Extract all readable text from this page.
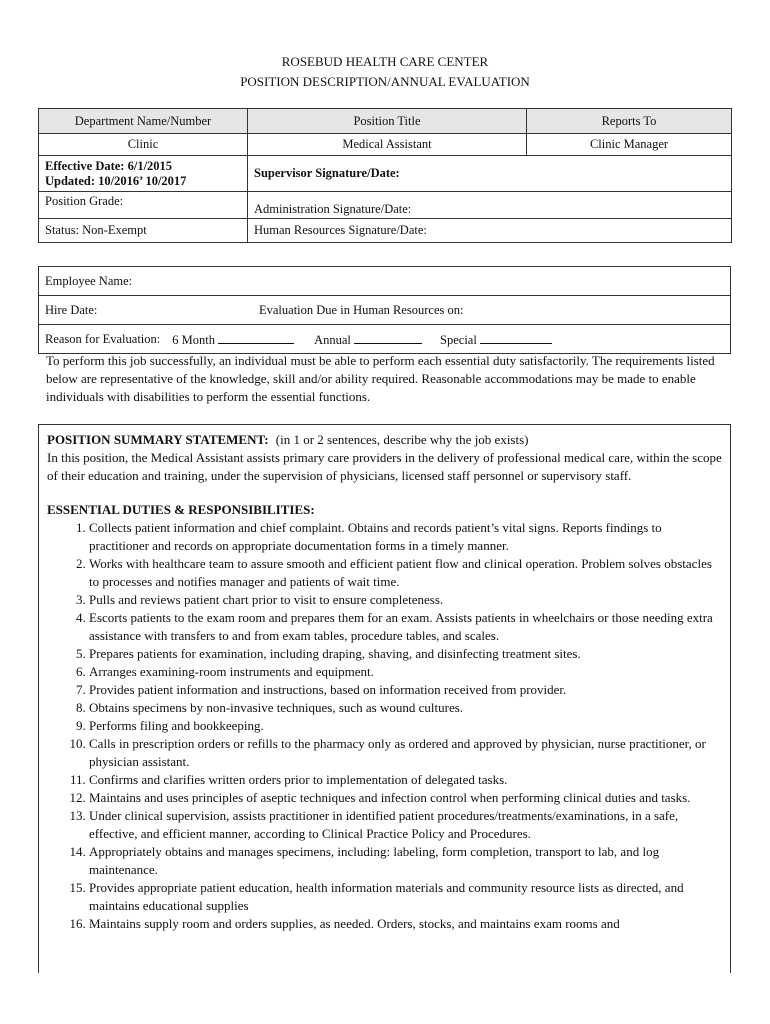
ROSEBUD HEALTH CARE CENTER
POSITION DESCRIPTION/ANNUAL EVALUATION
Department Name/Number	Position Title	Reports To
Clinic	Medical Assistant	Clinic Manager

Effective Date: 6/1/2015
Updated: 10/2016’ 10/2017	Supervisor Signature/Date:	
Position Grade:	Administration Signature/Date:	
Status: Non-Exempt	Human Resources Signature/Date:	
Employee Name:
Hire Date:	Evaluation Due in Human Resources on:
Reason for Evaluation: 6 Month	Annual	Special
To perform this job successfully, an individual must be able to perform each essential duty satisfactorily. The requirements listed below are representative of the knowledge, skill and/or ability required. Reasonable accommodations may be made to enable individuals with disabilities to perform the essential functions.
POSITION SUMMARY STATEMENT: (in 1 or 2 sentences, describe why the job exists)
In this position, the Medical Assistant assists primary care providers in the delivery of professional medical care, within the scope of their education and training, under the supervision of physicians, licensed staff personnel or supervisory staff.
ESSENTIAL DUTIES & RESPONSIBILITIES:
1. Collects patient information and chief complaint. Obtains and records patient’s vital signs. Reports findings to practitioner and records on appropriate documentation forms in a timely manner.
2. Works with healthcare team to assure smooth and efficient patient flow and clinical operation. Problem solves obstacles to processes and notifies manager and patients of wait time.
3. Pulls and reviews patient chart prior to visit to ensure completeness.
4. Escorts patients to the exam room and prepares them for an exam. Assists patients in wheelchairs or those needing extra assistance with transfers to and from exam tables, procedure tables, and scales.
5. Prepares patients for examination, including draping, shaving, and disinfecting treatment sites.
6. Arranges examining-room instruments and equipment.
7. Provides patient information and instructions, based on information received from provider.
8. Obtains specimens by non-invasive techniques, such as wound cultures.
9. Performs filing and bookkeeping.
10. Calls in prescription orders or refills to the pharmacy only as ordered and approved by physician, nurse practitioner, or physician assistant.
11. Confirms and clarifies written orders prior to implementation of delegated tasks.
12. Maintains and uses principles of aseptic techniques and infection control when performing clinical duties and tasks.
13. Under clinical supervision, assists practitioner in identified patient procedures/treatments/examinations, in a safe, effective, and efficient manner, according to Clinical Practice Policy and Procedures.
14. Appropriately obtains and manages specimens, including: labeling, form completion, transport to lab, and log maintenance.
15. Provides appropriate patient education, health information materials and community resource lists as directed, and maintains educational supplies
16. Maintains supply room and orders supplies, as needed. Orders, stocks, and maintains exam rooms and
